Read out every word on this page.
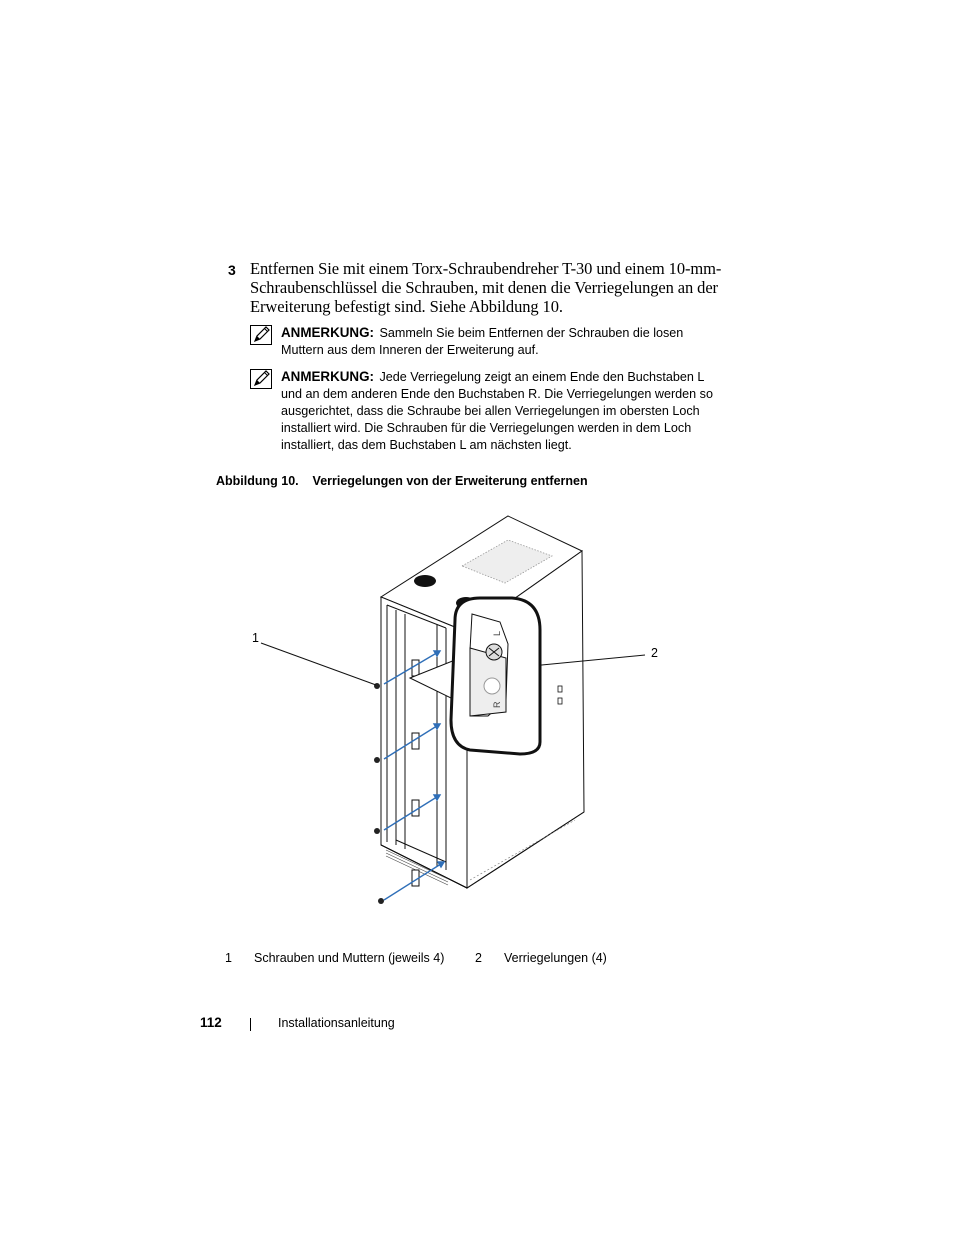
3 Entfernen Sie mit einem Torx-Schraubendreher T-30 und einem 10-mm-
Schraubenschlüssel die Schrauben, mit denen die Verriegelungen an der
Erweiterung befestigt sind. Siehe Abbildung 10.
ANMERKUNG: Sammeln Sie beim Entfernen der Schrauben die losen
Muttern aus dem Inneren der Erweiterung auf.
ANMERKUNG: Jede Verriegelung zeigt an einem Ende den Buchstaben L
und an dem anderen Ende den Buchstaben R. Die Verriegelungen werden so
ausgerichtet, dass die Schraube bei allen Verriegelungen im obersten Loch
installiert wird. Die Schrauben für die Verriegelungen werden in dem Loch
installiert, das dem Buchstaben L am nächsten liegt.
Abbildung 10. Verriegelungen von der Erweiterung entfernen
L
R
1
2
1 Schrauben und Muttern (jeweils 4) 2 Verriegelungen (4)
112	Installationsanleitung
